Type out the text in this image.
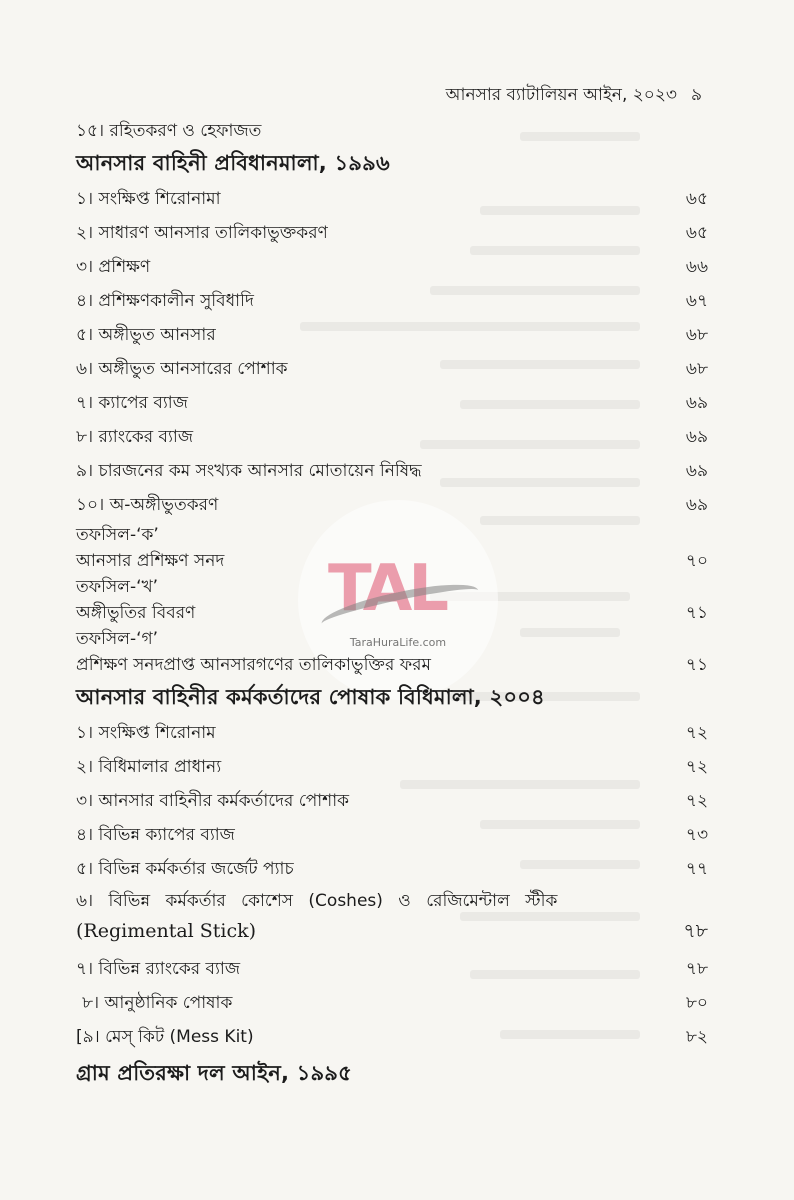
TAL
TaraHuraLife.com
আনসার ব্যাটালিয়ন আইন, ২০২৩ ৯
১৫। রহিতকরণ ও হেফাজত
আনসার বাহিনী প্রবিধানমালা, ১৯৯৬
১। সংক্ষিপ্ত শিরোনামা	৬৫
২। সাধারণ আনসার তালিকাভুক্তকরণ	৬৫
৩। প্রশিক্ষণ	৬৬
৪। প্রশিক্ষণকালীন সুবিধাদি	৬৭
৫। অঙ্গীভুত আনসার	৬৮
৬। অঙ্গীভুত আনসারের পোশাক	৬৮
৭। ক্যাপের ব্যাজ	৬৯
৮। র‍্যাংকের ব্যাজ	৬৯
৯। চারজনের কম সংখ্যক আনসার মোতায়েন নিষিদ্ধ	৬৯
১০। অ-অঙ্গীভুতকরণ	৬৯
তফসিল-‘ক’
আনসার প্রশিক্ষণ সনদ	৭০
তফসিল-‘খ’
অঙ্গীভুতির বিবরণ	৭১
তফসিল-‘গ’
প্রশিক্ষণ সনদপ্রাপ্ত আনসারগণের তালিকাভুক্তির ফরম	৭১
আনসার বাহিনীর কর্মকর্তাদের পোষাক বিধিমালা, ২০০৪
১। সংক্ষিপ্ত শিরোনাম	৭২
২। বিধিমালার প্রাধান্য	৭২
৩। আনসার বাহিনীর কর্মকর্তাদের পোশাক	৭২
৪। বিভিন্ন ক্যাপের ব্যাজ	৭৩
৫। বিভিন্ন কর্মকর্তার জর্জেট প্যাচ	৭৭
৬। বিভিন্ন কর্মকর্তার কোশেস (Coshes) ও রেজিমেন্টাল স্টীক
(Regimental Stick)	৭৮
৭। বিভিন্ন র‍্যাংকের ব্যাজ	৭৮
৮। আনুষ্ঠানিক পোষাক	৮০
[৯। মেস্ কিট (Mess Kit)	৮২
গ্রাম প্রতিরক্ষা দল আইন, ১৯৯৫
